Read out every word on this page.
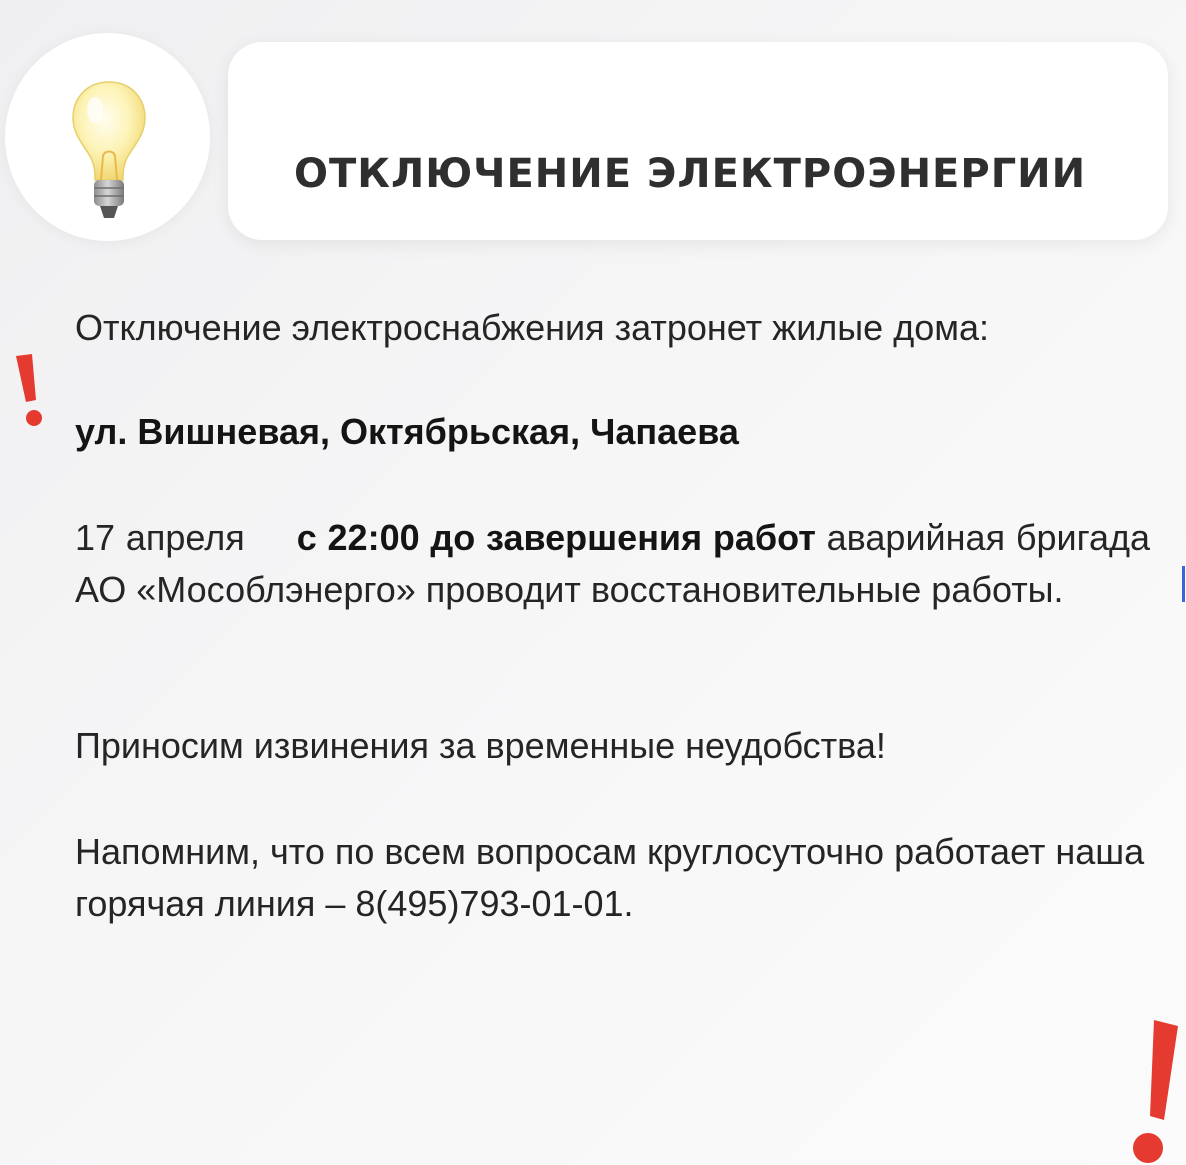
ОТКЛЮЧЕНИЕ ЭЛЕКТРОЭНЕРГИИ

Отключение электроснабжения затронет жилые дома:

ул. Вишневая, Октябрьская, Чапаева

17 апреля с 22:00 до завершения работ аварийная бригада АО «Мособлэнерго» проводит восстановительные работы.

Приносим извинения за временные неудобства!

Напомним, что по всем вопросам круглосуточно работает наша горячая линия – 8(495)793-01-01.
